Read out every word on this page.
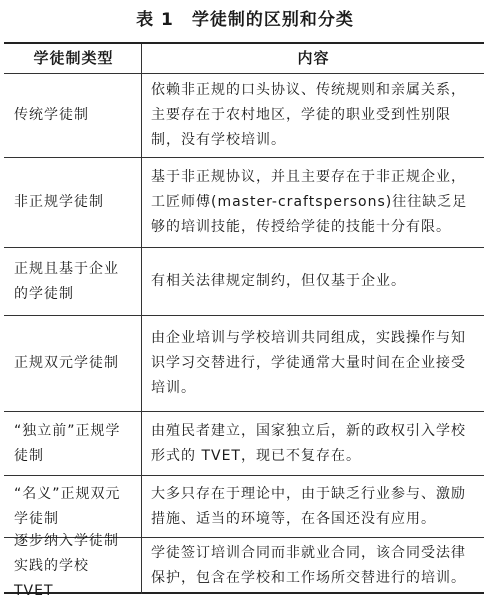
表 1　学徒制的区别和分类
学徒制类型	内容
传统学徒制
依赖非正规的口头协议、传统规则和亲属关系，主要存在于农村地区，学徒的职业受到性别限制，没有学校培训。
非正规学徒制
基于非正规协议，并且主要存在于非正规企业，工匠师傅(master-craftspersons)往往缺乏足够的培训技能，传授给学徒的技能十分有限。
正规且基于企业的学徒制
有相关法律规定制约，但仅基于企业。
正规双元学徒制
由企业培训与学校培训共同组成，实践操作与知识学习交替进行，学徒通常大量时间在企业接受培训。
“独立前”正规学徒制
由殖民者建立，国家独立后，新的政权引入学校形式的 TVET，现已不复存在。
“名义”正规双元学徒制
大多只存在于理论中，由于缺乏行业参与、激励措施、适当的环境等，在各国还没有应用。
逐步纳入学徒制实践的学校 TVET
学徒签订培训合同而非就业合同，该合同受法律保护，包含在学校和工作场所交替进行的培训。
